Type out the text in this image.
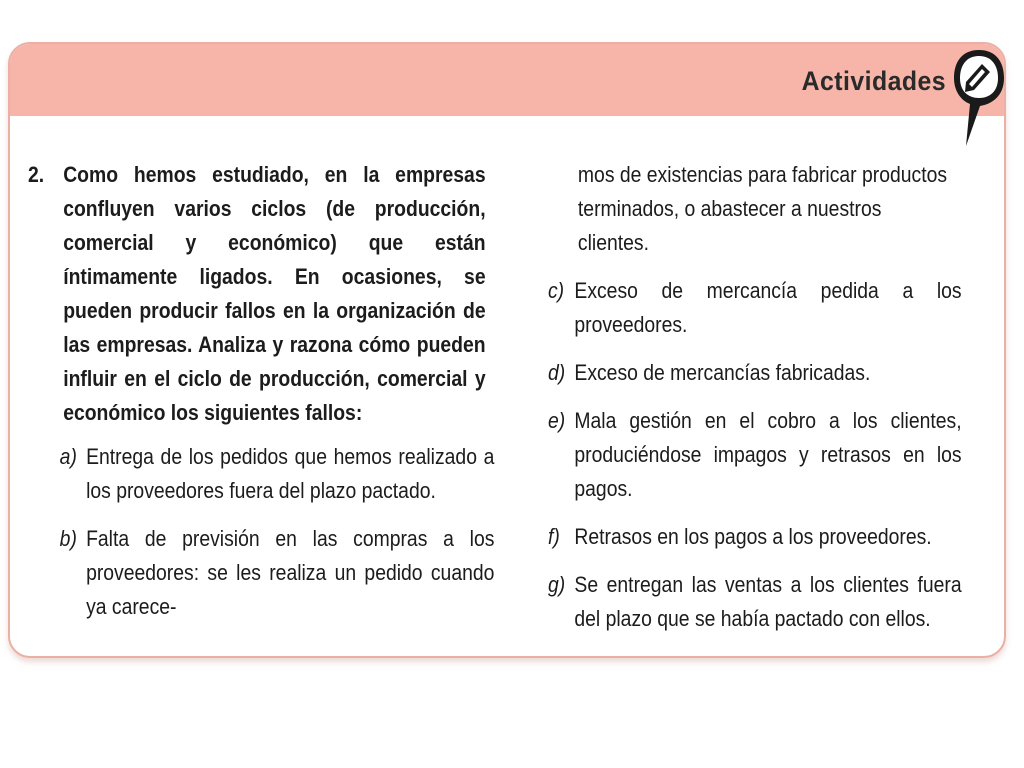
Actividades
2. Como hemos estudiado, en la empresas confluyen varios ciclos (de producción, comercial y económico) que están íntimamente ligados. En ocasiones, se pueden producir fallos en la organización de las empresas. Analiza y razona cómo pueden influir en el ciclo de producción, comercial y económico los siguientes fallos:
a) Entrega de los pedidos que hemos realizado a los proveedores fuera del plazo pactado.
b) Falta de previsión en las compras a los proveedores: se les realiza un pedido cuando ya carece-
mos de existencias para fabricar productos terminados, o abastecer a nuestros clientes.
c) Exceso de mercancía pedida a los proveedores.
d) Exceso de mercancías fabricadas.
e) Mala gestión en el cobro a los clientes, produciéndose impagos y retrasos en los pagos.
f) Retrasos en los pagos a los proveedores.
g) Se entregan las ventas a los clientes fuera del plazo que se había pactado con ellos.
